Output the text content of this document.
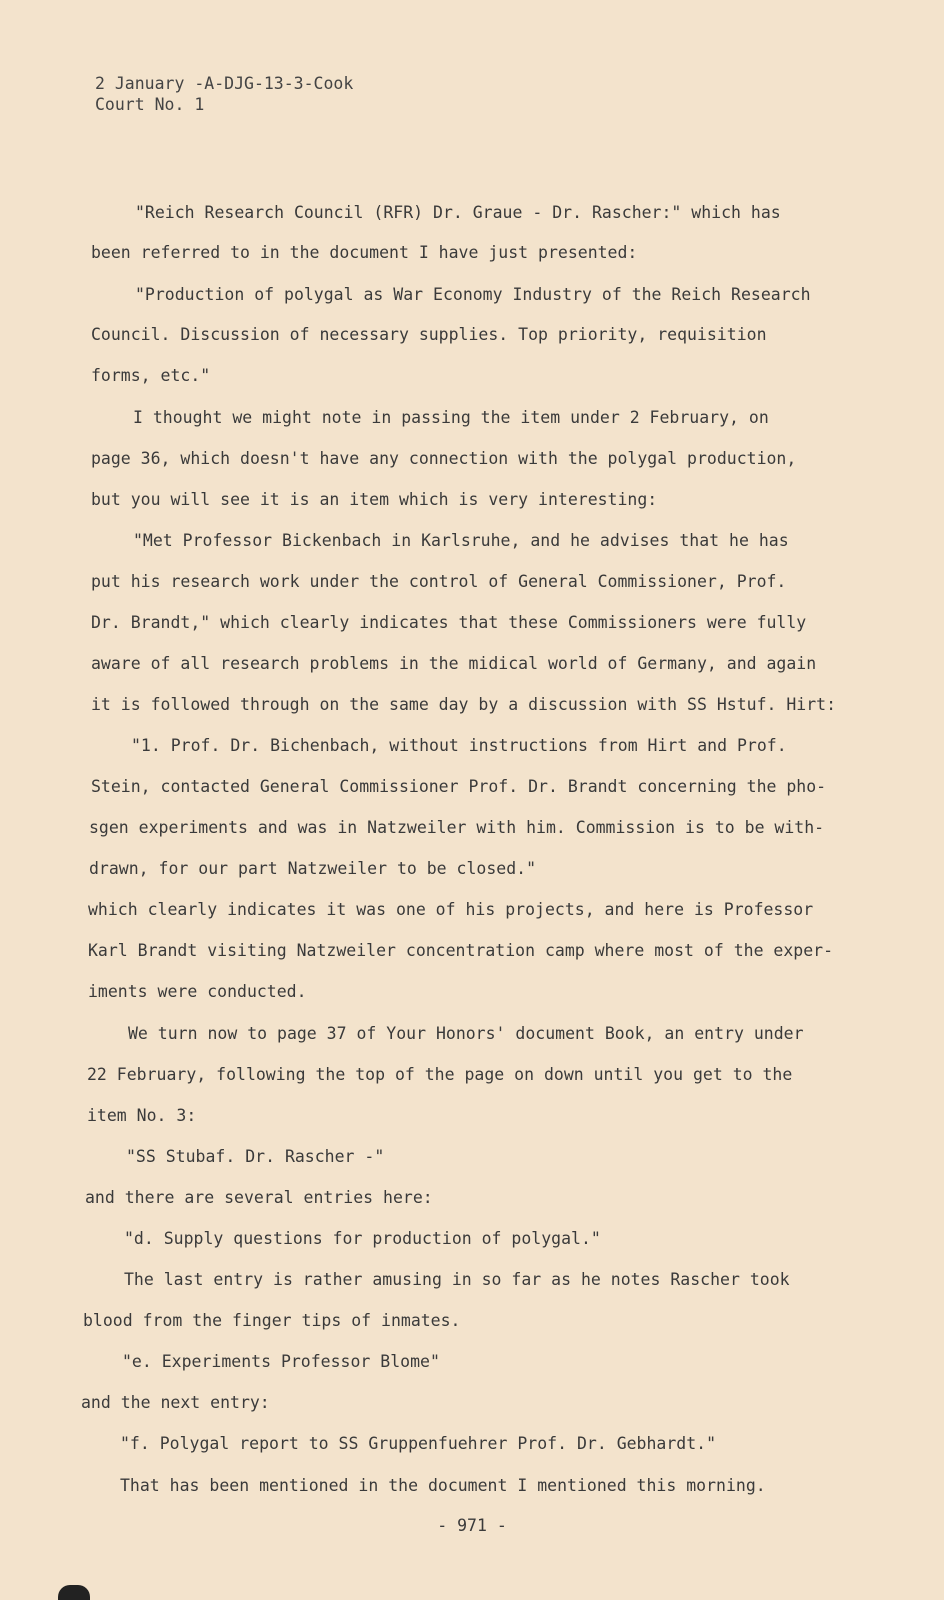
2 January -A-DJG-13-3-Cook
Court No. 1
"Reich Research Council (RFR) Dr. Graue - Dr. Rascher:" which has
been referred to in the document I have just presented:
"Production of polygal as War Economy Industry of the Reich Research
Council. Discussion of necessary supplies. Top priority, requisition
forms, etc."
I thought we might note in passing the item under 2 February, on
page 36, which doesn't have any connection with the polygal production,
but you will see it is an item which is very interesting:
"Met Professor Bickenbach in Karlsruhe, and he advises that he has
put his research work under the control of General Commissioner, Prof.
Dr. Brandt," which clearly indicates that these Commissioners were fully
aware of all research problems in the midical world of Germany, and again
it is followed through on the same day by a discussion with SS Hstuf. Hirt:
"1. Prof. Dr. Bichenbach, without instructions from Hirt and Prof.
Stein, contacted General Commissioner Prof. Dr. Brandt concerning the pho-
sgen experiments and was in Natzweiler with him. Commission is to be with-
drawn, for our part Natzweiler to be closed."
which clearly indicates it was one of his projects, and here is Professor
Karl Brandt visiting Natzweiler concentration camp where most of the exper-
iments were conducted.
We turn now to page 37 of Your Honors' document Book, an entry under
22 February, following the top of the page on down until you get to the
item No. 3:
"SS Stubaf. Dr. Rascher -"
and there are several entries here:
"d. Supply questions for production of polygal."
The last entry is rather amusing in so far as he notes Rascher took
blood from the finger tips of inmates.
"e. Experiments Professor Blome"
and the next entry:
"f. Polygal report to SS Gruppenfuehrer Prof. Dr. Gebhardt."
That has been mentioned in the document I mentioned this morning.
- 971 -
